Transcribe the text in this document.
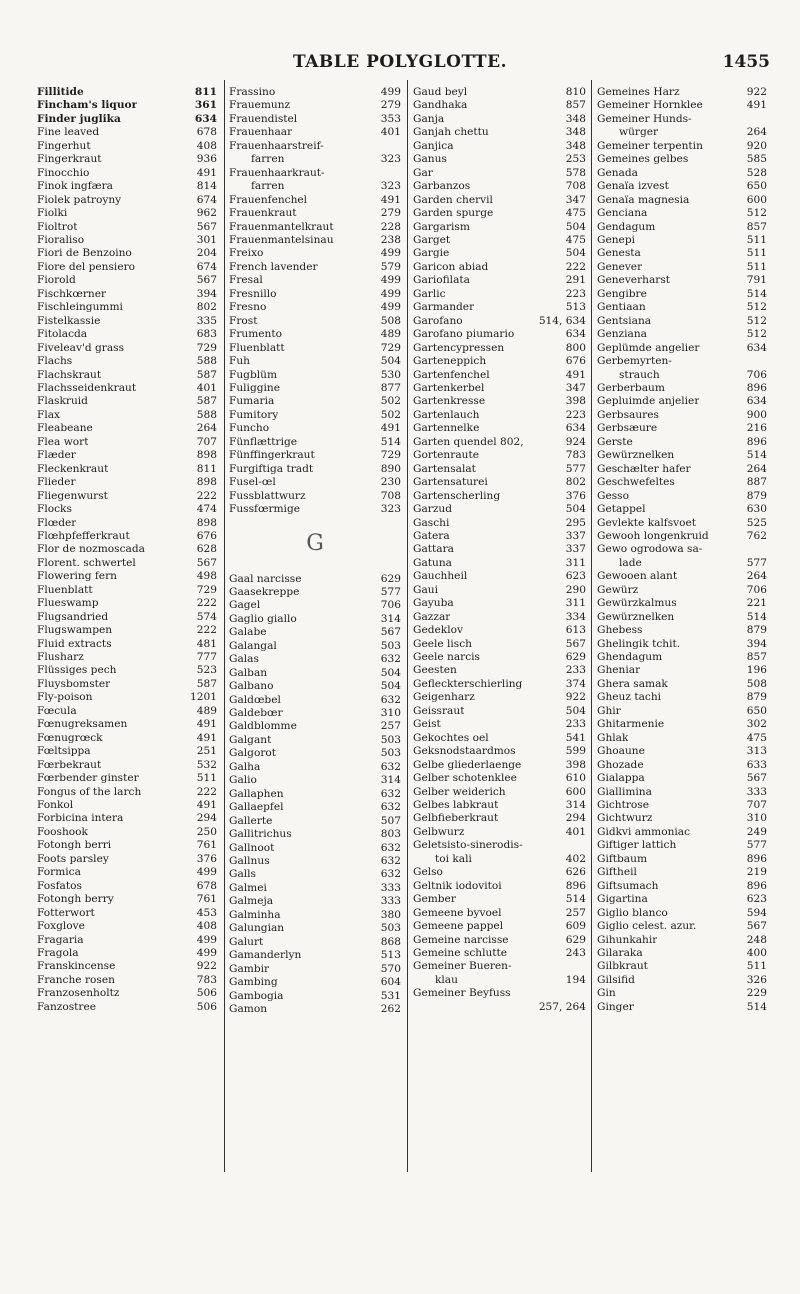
TABLE POLYGLOTTE.	1455
Fillitide	811
Fincham's liquor	361
Finder juglika	634
Fine leaved	678
Fingerhut	408
Fingerkraut	936
Finocchio	491
Finok ingfæra	814
Fiolek patroyny	674
Fiolki	962
Fioltrot	567
Fioraliso	301
Fiori de Benzoino	204
Fiore del pensiero	674
Fiorold	567
Fischkœrner	394
Fischleingummi	802
Fistelkassie	335
Fitolacda	683
Fiveleav'd grass	729
Flachs	588
Flachskraut	587
Flachsseidenkraut	401
Flaskruid	587
Flax	588
Fleabeane	264
Flea wort	707
Flæder	898
Fleckenkraut	811
Flieder	898
Fliegenwurst	222
Flocks	474
Flœder	898
Flœhpfefferkraut	676
Flor de nozmoscada	628
Florent. schwertel	567
Flowering fern	498
Fluenblatt	729
Flueswamp	222
Flugsandried	574
Flugswampen	222
Fluid extracts	481
Flusharz	777
Flüssiges pech	523
Fluysbomster	587
Fly-poison	1201
Fœcula	489
Fœnugreksamen	491
Fœnugrœck	491
Fœltsippa	251
Fœrbekraut	532
Fœrbender ginster	511
Fongus of the larch	222
Fonkol	491
Forbicina intera	294
Fooshook	250
Fotongh berri	761
Foots parsley	376
Formica	499
Fosfatos	678
Fotongh berry	761
Fotterwort	453
Foxglove	408
Fragaria	499
Fragola	499
Franskincense	922
Franche rosen	783
Franzosenholtz	506
Fanzostree	506
Frassino	499
Frauemunz	279
Frauendistel	353
Frauenhaar	401
Frauenhaarstreif-
farren	323
Frauenhaarkraut-
farren	323
Frauenfenchel	491
Frauenkraut	279
Frauenmantelkraut	228
Frauenmantelsinau	238
Freixo	499
French lavender	579
Fresal	499
Fresnillo	499
Fresno	499
Frost	508
Frumento	489
Fluenblatt	729
Fuh	504
Fugblüm	530
Fuliggine	877
Fumaria	502
Fumitory	502
Funcho	491
Fünflættrige	514
Fünffingerkraut	729
Furgiftiga tradt	890
Fusel-œl	230
Fussblattwurz	708
Fussfœrmige	323
G
Gaal narcisse	629
Gaasekreppe	577
Gagel	706
Gaglio giallo	314
Galabe	567
Galangal	503
Galas	632
Galban	504
Galbano	504
Galdœbel	632
Galdebœr	310
Galdblomme	257
Galgant	503
Galgorot	503
Galha	632
Galio	314
Gallaphen	632
Gallaepfel	632
Gallerte	507
Gallitrichus	803
Gallnoot	632
Gallnus	632
Galls	632
Galmei	333
Galmeja	333
Galminha	380
Galungian	503
Galurt	868
Gamanderlyn	513
Gambir	570
Gambing	604
Gambogia	531
Gamon	262
Gaud beyl	810
Gandhaka	857
Ganja	348
Ganjah chettu	348
Ganjica	348
Ganus	253
Gar	578
Garbanzos	708
Garden chervil	347
Garden spurge	475
Gargarism	504
Garget	475
Gargie	504
Garicon abiad	222
Gariofilata	291
Garlic	223
Garmander	513
Garofano	514, 634
Garofano piumario	634
Gartencypressen	800
Garteneppich	676
Gartenfenchel	491
Gartenkerbel	347
Gartenkresse	398
Gartenlauch	223
Gartennelke	634
Garten quendel 802,	924
Gortenraute	783
Gartensalat	577
Gartensaturei	802
Gartenscherling	376
Garzud	504
Gaschi	295
Gatera	337
Gattara	337
Gatuna	311
Gauchheil	623
Gaui	290
Gayuba	311
Gazzar	334
Gedeklov	613
Geele lisch	567
Geele narcis	629
Geesten	233
Gefleckterschierling	374
Geigenharz	922
Geissraut	504
Geist	233
Gekochtes oel	541
Geksnodstaardmos	599
Gelbe gliederlaenge	398
Gelber schotenklee	610
Gelber weiderich	600
Gelbes labkraut	314
Gelbfieberkraut	294
Gelbwurz	401
Geletsisto-sinerodis-
toi kali	402
Gelso	626
Geltnik iodovitoi	896
Gember	514
Gemeene byvoel	257
Gemeene pappel	609
Gemeine narcisse	629
Gemeine schlutte	243
Gemeiner Bueren-
klau	194
Gemeiner Beyfuss
257, 264
Gemeines Harz	922
Gemeiner Hornklee	491
Gemeiner Hunds-
würger	264
Gemeiner terpentin	920
Gemeines gelbes	585
Genada	528
Genaïa izvest	650
Genaïa magnesia	600
Genciana	512
Gendagum	857
Genepi	511
Genesta	511
Genever	511
Geneverharst	791
Gengibre	514
Gentiaan	512
Gentsiana	512
Genziana	512
Geplümde angelier	634
Gerbemyrten-
strauch	706
Gerberbaum	896
Gepluimde anjelier	634
Gerbsaures	900
Gerbsæure	216
Gerste	896
Gewürznelken	514
Geschælter hafer	264
Geschwefeltes	887
Gesso	879
Getappel	630
Gevlekte kalfsvoet	525
Gewooh longenkruid	762
Gewo ogrodowa sa-
lade	577
Gewooen alant	264
Gewürz	706
Gewürzkalmus	221
Gewürznelken	514
Ghebess	879
Ghelingik tchit.	394
Ghendagum	857
Gheniar	196
Ghera samak	508
Gheuz tachi	879
Ghir	650
Ghitarmenie	302
Ghlak	475
Ghoaune	313
Ghozade	633
Gialappa	567
Giallimina	333
Gichtrose	707
Gichtwurz	310
Gidkvi ammoniac	249
Giftiger lattich	577
Giftbaum	896
Giftheil	219
Giftsumach	896
Gigartina	623
Giglio blanco	594
Giglio celest. azur.	567
Gihunkahir	248
Gilaraka	400
Gilbkraut	511
Gilsifid	326
Gin	229
Ginger	514
